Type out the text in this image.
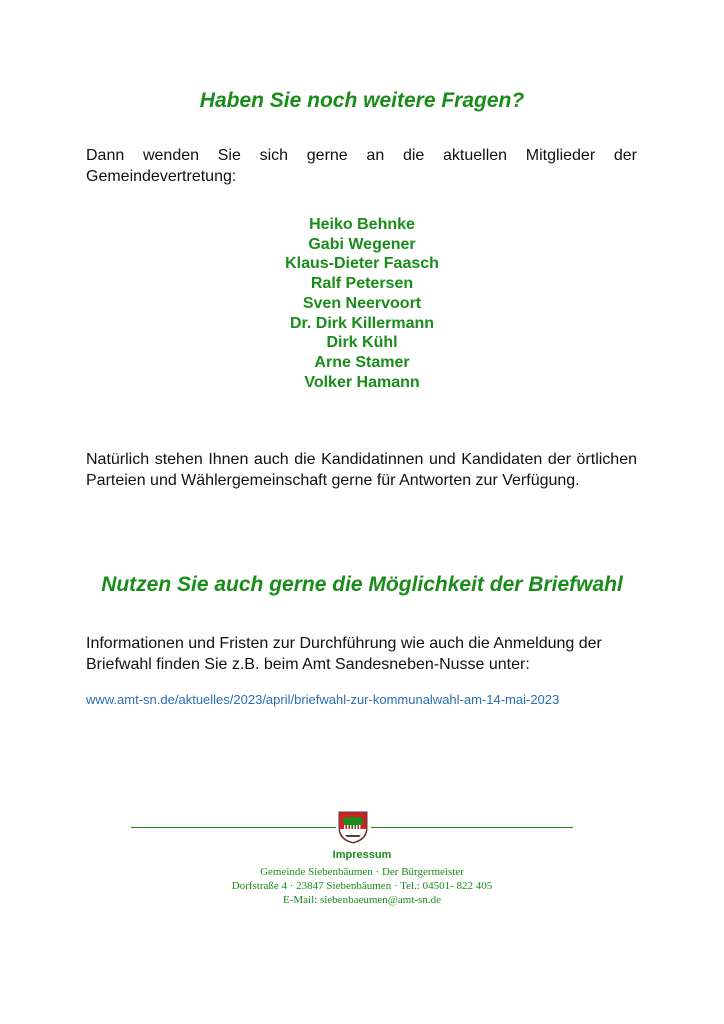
Haben Sie noch weitere Fragen?

Dann wenden Sie sich gerne an die aktuellen Mitglieder der Gemeindevertretung:

Heiko Behnke
Gabi Wegener
Klaus-Dieter Faasch
Ralf Petersen
Sven Neervoort
Dr. Dirk Killermann
Dirk Kühl
Arne Stamer
Volker Hamann

Natürlich stehen Ihnen auch die Kandidatinnen und Kandidaten der örtlichen Parteien und Wählergemeinschaft gerne für Antworten zur Verfügung.

Nutzen Sie auch gerne die Möglichkeit der Briefwahl

Informationen und Fristen zur Durchführung wie auch die Anmeldung der Briefwahl finden Sie z.B. beim Amt Sandesneben-Nusse unter:

www.amt-sn.de/aktuelles/2023/april/briefwahl-zur-kommunalwahl-am-14-mai-2023
Impressum
Gemeinde Siebenbäumen · Der Bürgermeister
Dorfstraße 4 · 23847 Siebenbäumen · Tel.: 04501- 822 405
E-Mail: siebenbaeumen@amt-sn.de
